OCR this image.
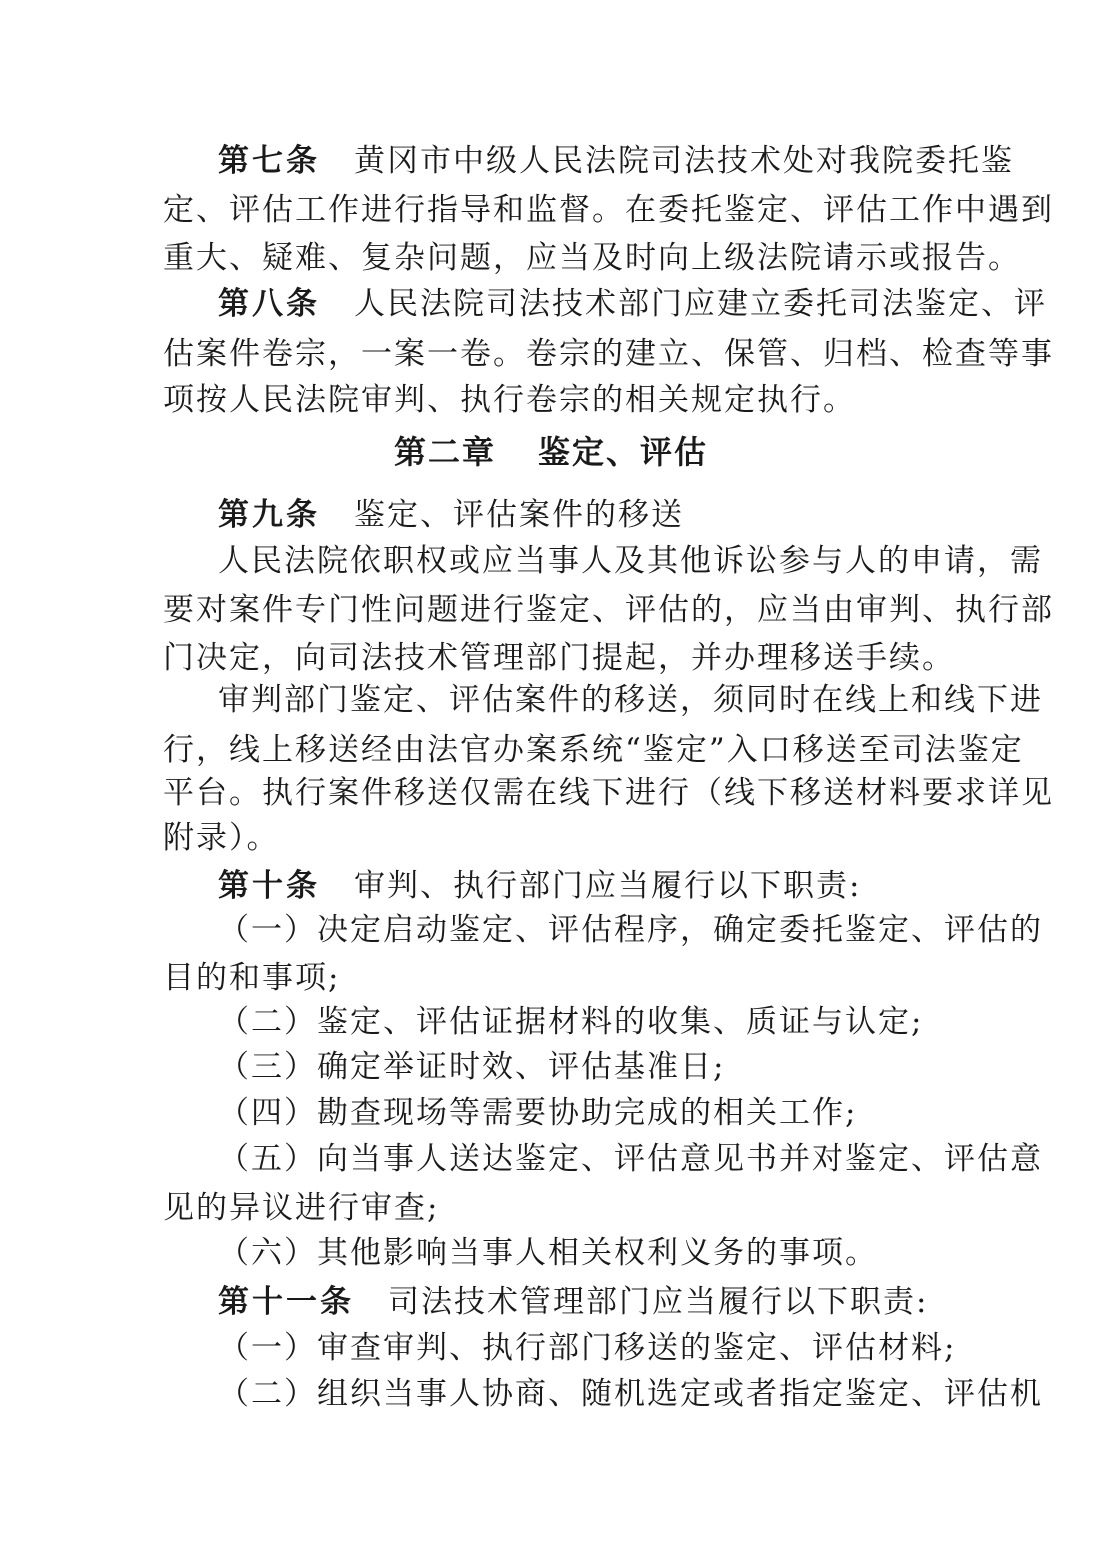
第七条 黄冈市中级人民法院司法技术处对我院委托鉴
定、评估工作进行指导和监督。在委托鉴定、评估工作中遇到
重大、疑难、复杂问题，应当及时向上级法院请示或报告。
第八条 人民法院司法技术部门应建立委托司法鉴定、评
估案件卷宗，一案一卷。卷宗的建立、保管、归档、检查等事
项按人民法院审判、执行卷宗的相关规定执行。
第二章 鉴定、评估
第九条 鉴定、评估案件的移送
人民法院依职权或应当事人及其他诉讼参与人的申请，需
要对案件专门性问题进行鉴定、评估的，应当由审判、执行部
门决定，向司法技术管理部门提起，并办理移送手续。
审判部门鉴定、评估案件的移送，须同时在线上和线下进
行，线上移送经由法官办案系统“鉴定”入口移送至司法鉴定
平台。执行案件移送仅需在线下进行（线下移送材料要求详见
附录）。
第十条 审判、执行部门应当履行以下职责:
（一）决定启动鉴定、评估程序，确定委托鉴定、评估的
目的和事项;
（二）鉴定、评估证据材料的收集、质证与认定;
（三）确定举证时效、评估基准日;
（四）勘查现场等需要协助完成的相关工作;
（五）向当事人送达鉴定、评估意见书并对鉴定、评估意
见的异议进行审查;
（六）其他影响当事人相关权利义务的事项。
第十一条 司法技术管理部门应当履行以下职责:
（一）审查审判、执行部门移送的鉴定、评估材料;
（二）组织当事人协商、随机选定或者指定鉴定、评估机
